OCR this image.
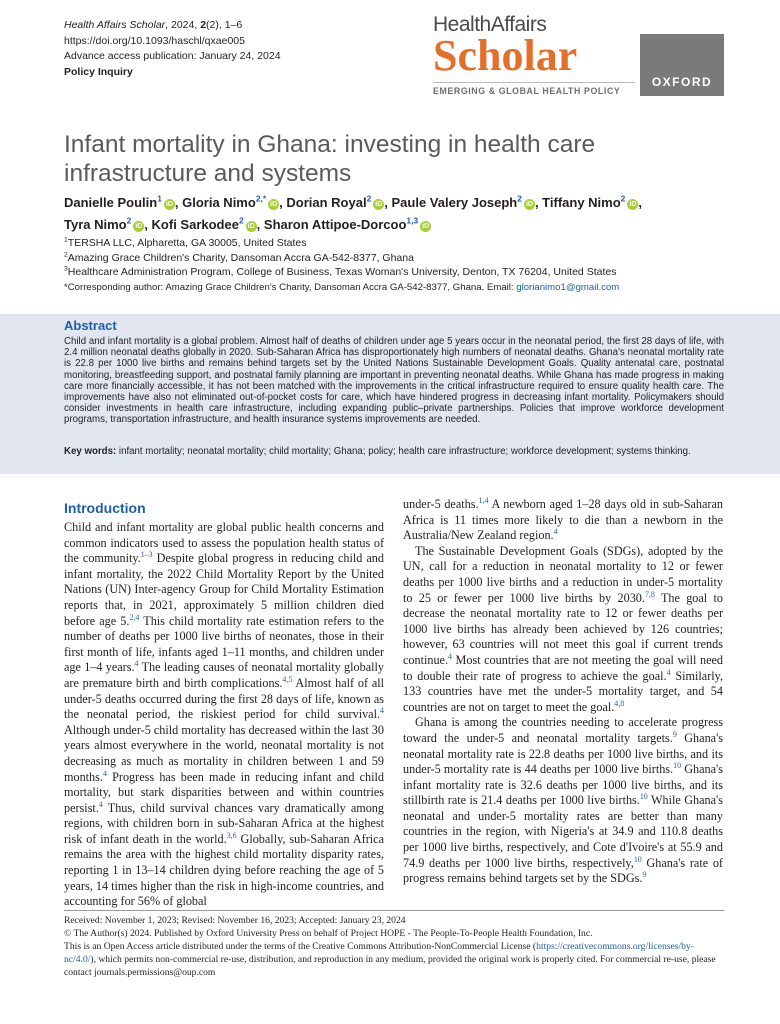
Health Affairs Scholar, 2024, 2(2), 1–6
https://doi.org/10.1093/haschl/qxae005
Advance access publication: January 24, 2024
Policy Inquiry
HealthAffairs
Scholar
EMERGING & GLOBAL HEALTH POLICY
OXFORD
Infant mortality in Ghana: investing in health care infrastructure and systems
Danielle Poulin$^1$iD , Gloria Nimo$^{2,*}$iD , Dorian Royal$^2$iD , Paule Valery Joseph$^2$iD , Tiffany Nimo$^2$iD ,
Tyra Nimo$^2$iD , Kofi Sarkodee$^2$iD , Sharon Attipoe-Dorcoo$^{1,3}$iD
$^1$TERSHA LLC, Alpharetta, GA 30005, United States
$^2$Amazing Grace Children's Charity, Dansoman Accra GA-542-8377, Ghana
$^3$Healthcare Administration Program, College of Business, Texas Woman's University, Denton, TX 76204, United States
*Corresponding author: Amazing Grace Children's Charity, Dansoman Accra GA-542-8377, Ghana. Email: glorianimo1@gmail.com
Abstract
Child and infant mortality is a global problem. Almost half of deaths of children under age 5 years occur in the neonatal period, the first 28 days of life, with 2.4 million neonatal deaths globally in 2020. Sub-Saharan Africa has disproportionately high numbers of neonatal deaths. Ghana's neonatal mortality rate is 22.8 per 1000 live births and remains behind targets set by the United Nations Sustainable Development Goals. Quality antenatal care, postnatal monitoring, breastfeeding support, and postnatal family planning are important in preventing neonatal deaths. While Ghana has made progress in making care more financially accessible, it has not been matched with the improvements in the critical infrastructure required to ensure quality health care. The improvements have also not eliminated out-of-pocket costs for care, which have hindered progress in decreasing infant mortality. Policymakers should consider investments in health care infrastructure, including expanding public–private partnerships. Policies that improve workforce development programs, transportation infrastructure, and health insurance systems improvements are needed.
Key words: infant mortality; neonatal mortality; child mortality; Ghana; policy; health care infrastructure; workforce development; systems thinking.
Introduction

Child and infant mortality are global public health concerns and common indicators used to assess the population health status of the community.$^{1-3}$ Despite global progress in reducing child and infant mortality, the 2022 Child Mortality Report by the United Nations (UN) Inter-agency Group for Child Mortality Estimation reports that, in 2021, approximately 5 million children died before age 5.$^{2,4}$ This child mortality rate estimation refers to the number of deaths per 1000 live births of neonates, those in their first month of life, infants aged 1–11 months, and children under age 1–4 years.$^4$ The leading causes of neonatal mortality globally are premature birth and birth complications.$^{4,5}$ Almost half of all under-5 deaths occurred during the first 28 days of life, known as the neonatal period, the riskiest period for child survival.$^4$ Although under-5 child mortality has decreased within the last 30 years almost everywhere in the world, neonatal mortality is not decreasing as much as mortality in children between 1 and 59 months.$^4$ Progress has been made in reducing infant and child mortality, but stark disparities between and within countries persist.$^4$ Thus, child survival chances vary dramatically among regions, with children born in sub-Saharan Africa at the highest risk of infant death in the world.$^{3,6}$ Globally, sub-Saharan Africa remains the area with the highest child mortality disparity rates, reporting 1 in 13–14 children dying before reaching the age of 5 years, 14 times higher than the risk in high-income countries, and accounting for 56% of global

under-5 deaths.$^{1,4}$ A newborn aged 1–28 days old in sub-Saharan Africa is 11 times more likely to die than a newborn in the Australia/New Zealand region.$^4$

The Sustainable Development Goals (SDGs), adopted by the UN, call for a reduction in neonatal mortality to 12 or fewer deaths per 1000 live births and a reduction in under-5 mortality to 25 or fewer per 1000 live births by 2030.$^{7,8}$ The goal to decrease the neonatal mortality rate to 12 or fewer deaths per 1000 live births has already been achieved by 126 countries; however, 63 countries will not meet this goal if current trends continue.$^4$ Most countries that are not meeting the goal will need to double their rate of progress to achieve the goal.$^4$ Similarly, 133 countries have met the under-5 mortality target, and 54 countries are not on target to meet the goal.$^{4,8}$

Ghana is among the countries needing to accelerate progress toward the under-5 and neonatal mortality targets.$^9$ Ghana's neonatal mortality rate is 22.8 deaths per 1000 live births, and its under-5 mortality rate is 44 deaths per 1000 live births.$^{10}$ Ghana's infant mortality rate is 32.6 deaths per 1000 live births, and its stillbirth rate is 21.4 deaths per 1000 live births.$^{10}$ While Ghana's neonatal and under-5 mortality rates are better than many countries in the region, with Nigeria's at 34.9 and 110.8 deaths per 1000 live births, respectively, and Cote d'Ivoire's at 55.9 and 74.9 deaths per 1000 live births, respectively,$^{10}$ Ghana's rate of progress remains behind targets set by the SDGs.$^9$

Received: November 1, 2023; Revised: November 16, 2023; Accepted: January 23, 2024
© The Author(s) 2024. Published by Oxford University Press on behalf of Project HOPE - The People-To-People Health Foundation, Inc.
This is an Open Access article distributed under the terms of the Creative Commons Attribution-NonCommercial License (https://creativecommons.org/licenses/by-nc/4.0/), which permits non-commercial re-use, distribution, and reproduction in any medium, provided the original work is properly cited. For commercial re-use, please contact journals.permissions@oup.com
